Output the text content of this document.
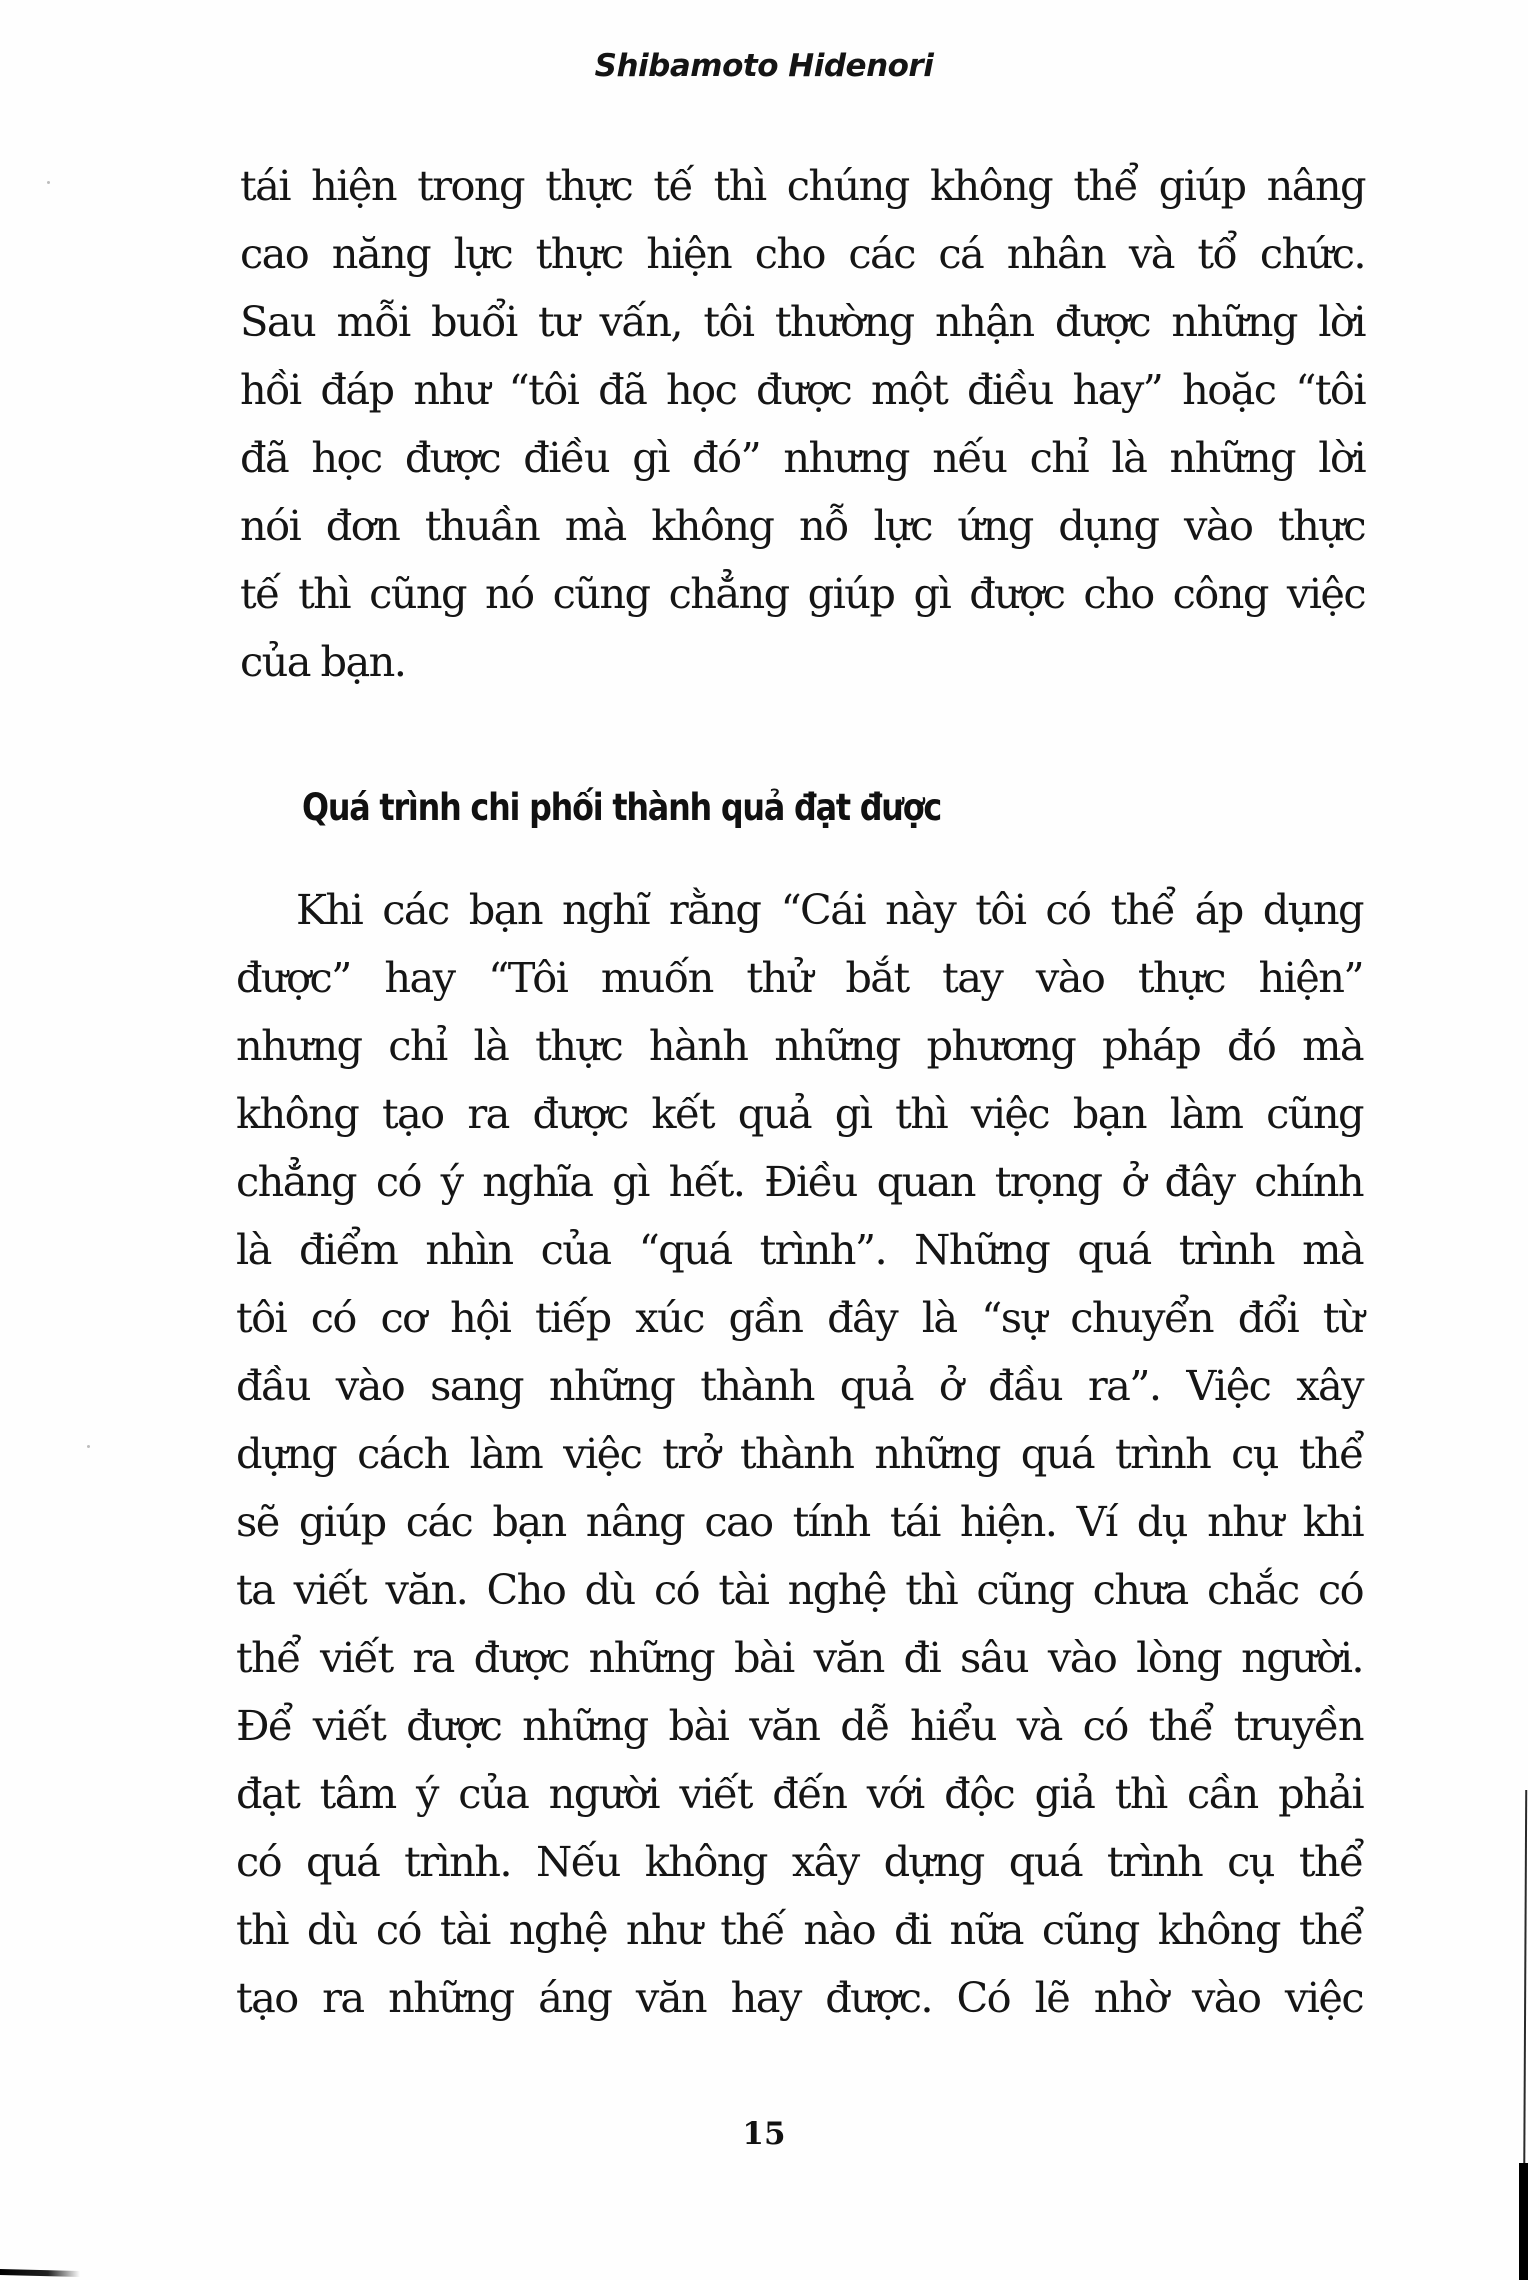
Shibamoto Hidenori
tái hiện trong thực tế thì chúng không thể giúp nâng
cao năng lực thực hiện cho các cá nhân và tổ chức.
Sau mỗi buổi tư vấn, tôi thường nhận được những lời
hồi đáp như “tôi đã học được một điều hay” hoặc “tôi
đã học được điều gì đó” nhưng nếu chỉ là những lời
nói đơn thuần mà không nỗ lực ứng dụng vào thực
tế thì cũng nó cũng chẳng giúp gì được cho công việc
của bạn.
Quá trình chi phối thành quả đạt được
Khi các bạn nghĩ rằng “Cái này tôi có thể áp dụng
được” hay “Tôi muốn thử bắt tay vào thực hiện”
nhưng chỉ là thực hành những phương pháp đó mà
không tạo ra được kết quả gì thì việc bạn làm cũng
chẳng có ý nghĩa gì hết. Điều quan trọng ở đây chính
là điểm nhìn của “quá trình”. Những quá trình mà
tôi có cơ hội tiếp xúc gần đây là “sự chuyển đổi từ
đầu vào sang những thành quả ở đầu ra”. Việc xây
dựng cách làm việc trở thành những quá trình cụ thể
sẽ giúp các bạn nâng cao tính tái hiện. Ví dụ như khi
ta viết văn. Cho dù có tài nghệ thì cũng chưa chắc có
thể viết ra được những bài văn đi sâu vào lòng người.
Để viết được những bài văn dễ hiểu và có thể truyền
đạt tâm ý của người viết đến với độc giả thì cần phải
có quá trình. Nếu không xây dựng quá trình cụ thể
thì dù có tài nghệ như thế nào đi nữa cũng không thể
tạo ra những áng văn hay được. Có lẽ nhờ vào việc
15
